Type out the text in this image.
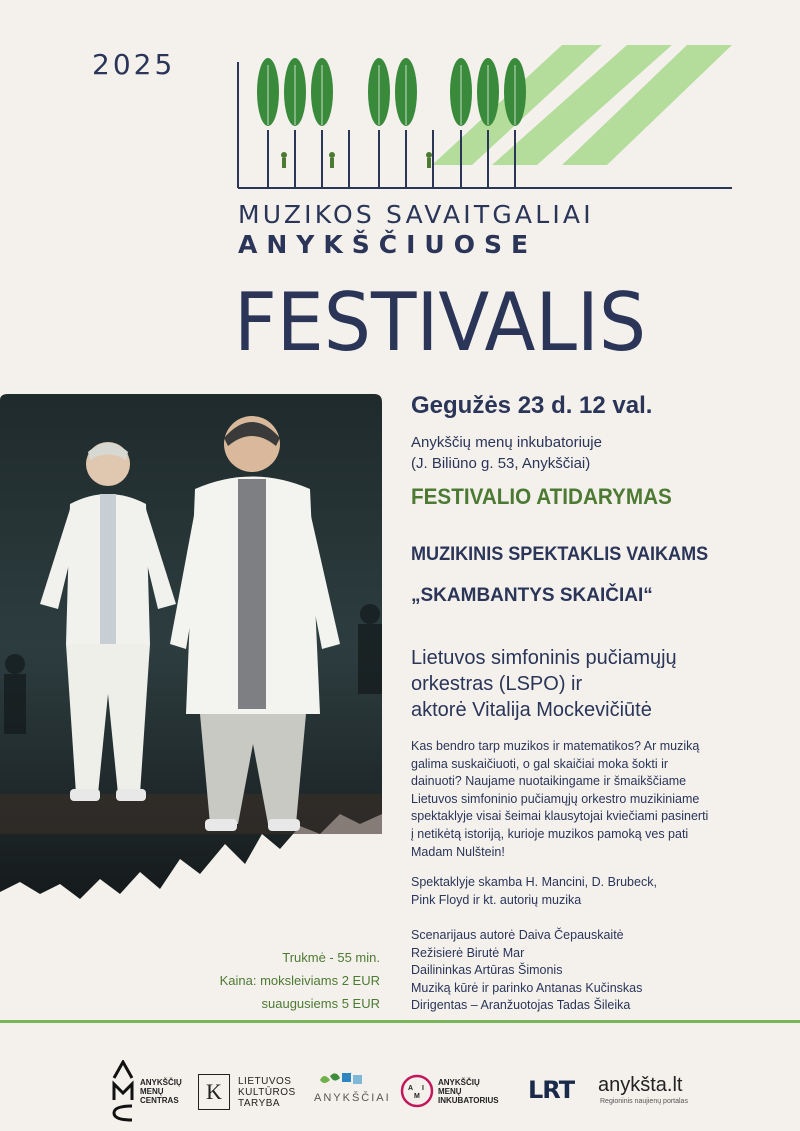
2025
MUZIKOS SAVAITGALIAI
ANYKŠČIUOSE
FESTIVALIS
Gegužės 23 d. 12 val.
Anykščių menų inkubatoriuje
(J. Biliūno g. 53, Anykščiai)
FESTIVALIO ATIDARYMAS
MUZIKINIS SPEKTAKLIS VAIKAMS
„SKAMBANTYS SKAIČIAI“
Lietuvos simfoninis pučiamųjų
orkestras (LSPO) ir
aktorė Vitalija Mockevičiūtė
Kas bendro tarp muzikos ir matematikos? Ar muziką
galima suskaičiuoti, o gal skaičiai moka šokti ir
dainuoti? Naujame nuotaikingame ir šmaikščiame
Lietuvos simfoninio pučiamųjų orkestro muzikiniame
spektaklyje visai šeimai klausytojai kviečiami pasinerti
į netikėtą istoriją, kurioje muzikos pamoką ves pati
Madam Nulštein!
Spektaklyje skamba H. Mancini, D. Brubeck,
Pink Floyd ir kt. autorių muzika
Scenarijaus autorė Daiva Čepauskaitė
Režisierė Birutė Mar
Dailininkas Artūras Šimonis
Muziką kūrė ir parinko Antanas Kučinskas
Dirigentas – Aranžuotojas Tadas Šileika
Trukmė - 55 min.
Kaina: moksleiviams 2 EUR
suaugusiems 5 EUR
ANYKŠČIŲ
MENŲ
CENTRAS	K	LIETUVOS
KULTŪROS
TARYBA	ANYKŠČIAI
A
M
I
ANYKŠČIŲ
MENŲ
INKUBATORIUS LRT anykšta.lt
Regioninis naujienų portalas
